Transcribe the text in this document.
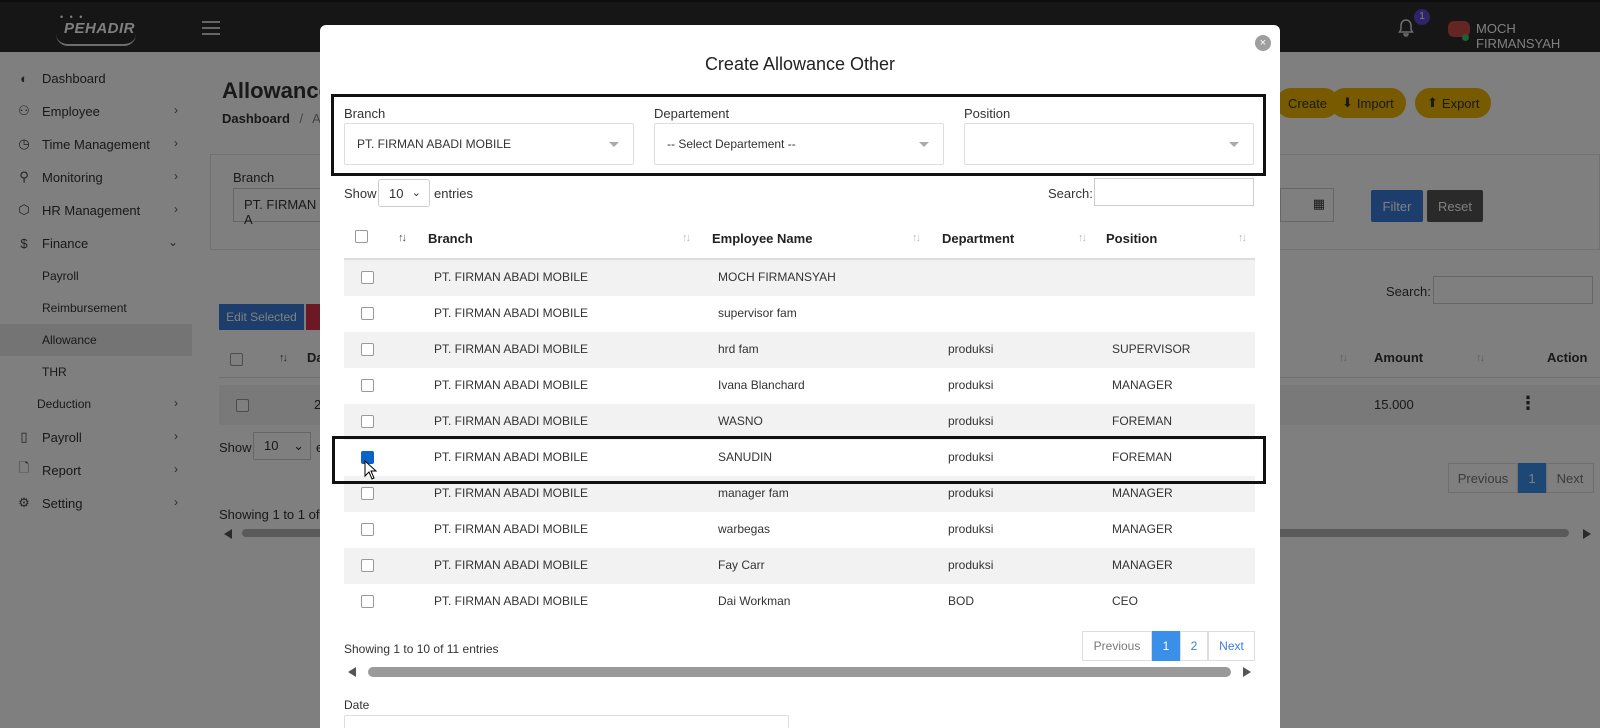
×
Create Allowance Other
Branch
PT. FIRMAN ABADI MOBILE
Departement
-- Select Departement --
Position
Show 10 ⌄ entries	Search:
↑↓ Branch	↑↓ Employee Name	↑↓ Department	↑↓ Position	↑↓
PT. FIRMAN ABADI MOBILE	MOCH FIRMANSYAH
PT. FIRMAN ABADI MOBILE	supervisor fam
PT. FIRMAN ABADI MOBILE	hrd fam	produksi	SUPERVISOR
PT. FIRMAN ABADI MOBILE	Ivana Blanchard	produksi	MANAGER
PT. FIRMAN ABADI MOBILE	WASNO	produksi	FOREMAN
PT. FIRMAN ABADI MOBILE	SANUDIN	produksi	FOREMAN
PT. FIRMAN ABADI MOBILE	manager fam	produksi	MANAGER
PT. FIRMAN ABADI MOBILE	warbegas	produksi	MANAGER
PT. FIRMAN ABADI MOBILE	Fay Carr	produksi	MANAGER
PT. FIRMAN ABADI MOBILE	Dai Workman	BOD	CEO
Showing 1 to 10 of 11 entries	Previous	1	2	Next
Date
